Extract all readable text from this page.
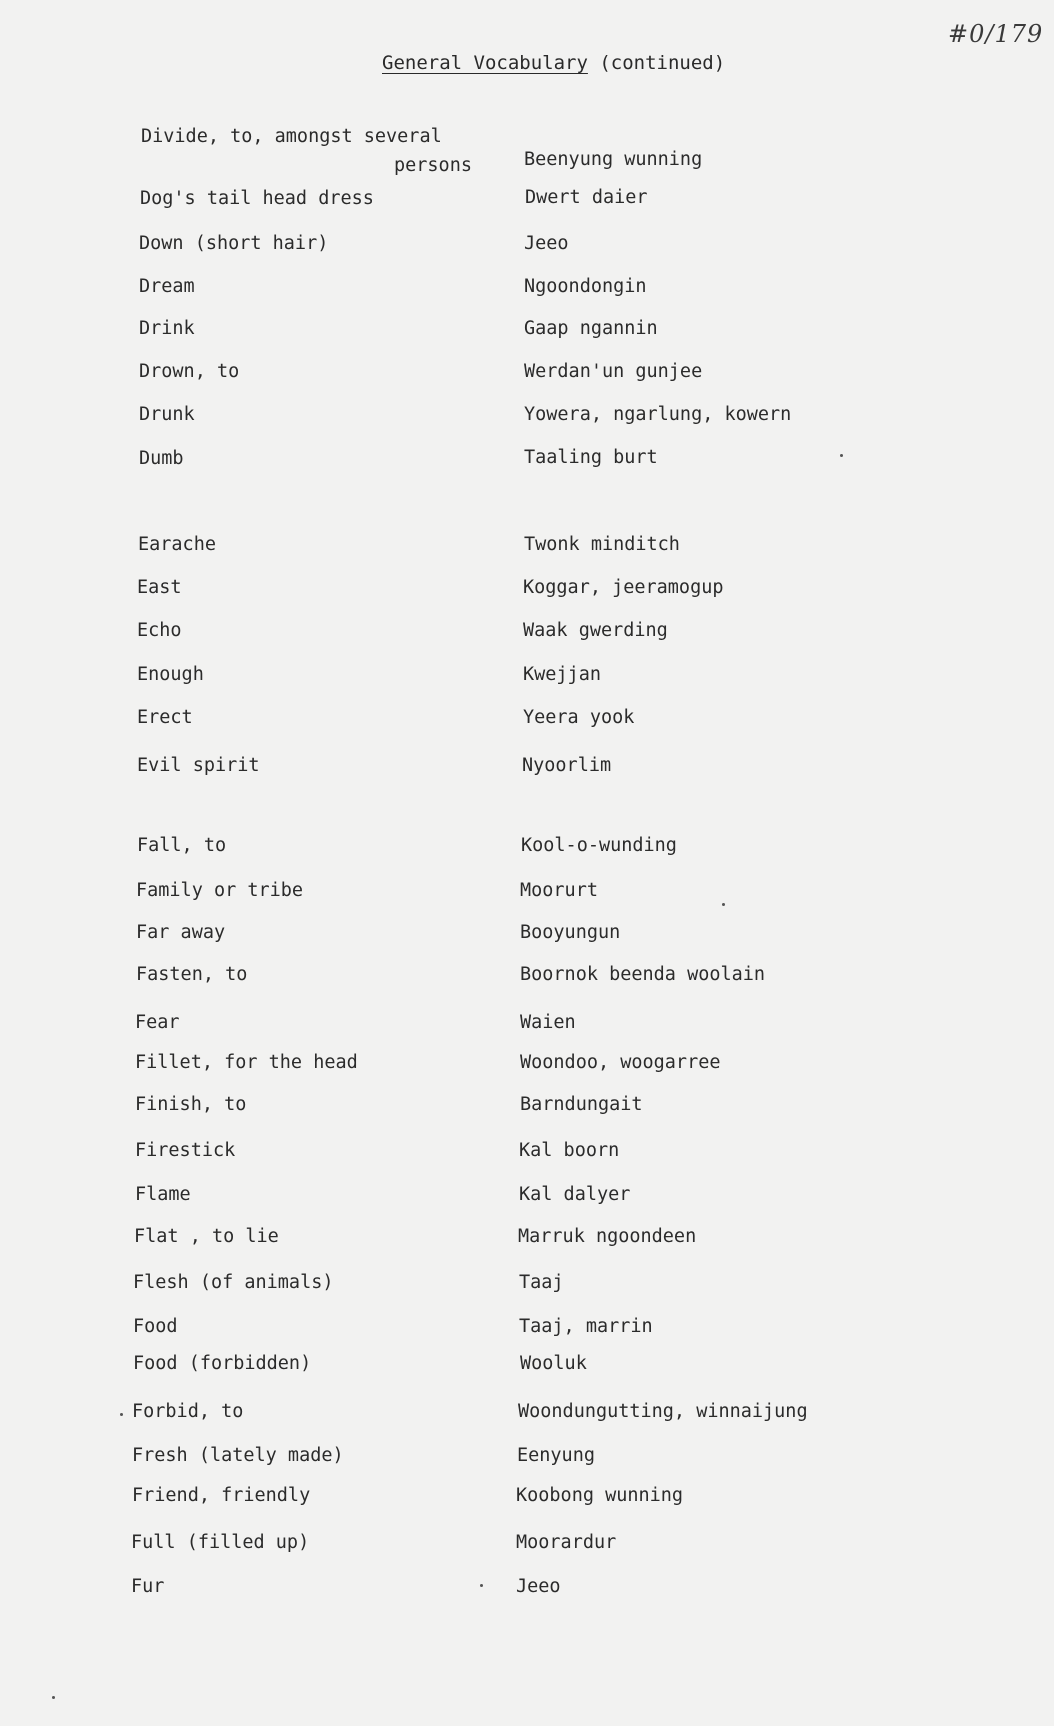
#0/179
General Vocabulary (continued)
Divide, to, amongst several
persons	Beenyung wunning
Dog's tail head dress	Dwert daier
Down (short hair)	Jeeo
Dream	Ngoondongin
Drink	Gaap ngannin
Drown, to	Werdan'un gunjee
Drunk	Yowera, ngarlung, kowern
Dumb	Taaling burt
Earache	Twonk minditch
East	Koggar, jeeramogup
Echo	Waak gwerding
Enough	Kwejjan
Erect	Yeera yook
Evil spirit	Nyoorlim
Fall, to	Kool-o-wunding
Family or tribe	Moorurt
Far away	Booyungun
Fasten, to	Boornok beenda woolain
Fear	Waien
Fillet, for the head	Woondoo, woogarree
Finish, to	Barndungait
Firestick	Kal boorn
Flame	Kal dalyer
Flat , to lie	Marruk ngoondeen
Flesh (of animals)	Taaj
Food	Taaj, marrin
Food (forbidden)	Wooluk
Forbid, to	Woondungutting, winnaijung
Fresh (lately made)	Eenyung
Friend, friendly	Koobong wunning
Full (filled up)	Moorardur
Fur	Jeeo
